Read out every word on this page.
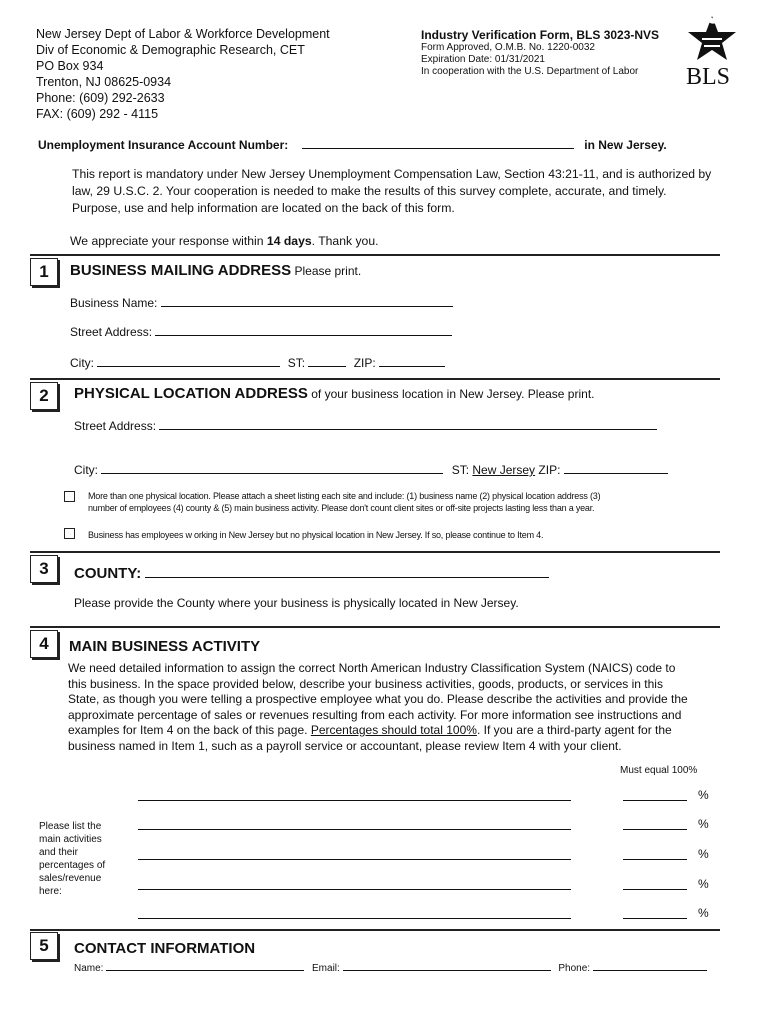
New Jersey Dept of Labor & Workforce Development
Div of Economic & Demographic Research, CET
PO Box 934
Trenton, NJ 08625-0934
Phone: (609) 292-2633
FAX: (609) 292 - 4115
Industry Verification Form, BLS 3023-NVS
Form Approved, O.M.B. No. 1220-0032
Expiration Date: 01/31/2021
In cooperation with the U.S. Department of Labor	BLS
Unemployment Insurance Account Number:	in New Jersey.
This report is mandatory under New Jersey Unemployment Compensation Law, Section 43:21-11, and is authorized by law, 29 U.S.C. 2. Your cooperation is needed to make the results of this survey complete, accurate, and timely. Purpose, use and help information are located on the back of this form.
We appreciate your response within 14 days. Thank you.
1	BUSINESS MAILING ADDRESS Please print.
Business Name:
Street Address:
City:	ST:	ZIP:
2	PHYSICAL LOCATION ADDRESS of your business location in New Jersey. Please print.
Street Address:
City:	ST: New Jersey ZIP:
More than one physical location. Please attach a sheet listing each site and include: (1) business name (2) physical location address (3)
number of employees (4) county & (5) main business activity. Please don't count client sites or off-site projects lasting less than a year.
Business has employees w orking in New Jersey but no physical location in New Jersey. If so, please continue to Item 4.
3	COUNTY:
Please provide the County where your business is physically located in New Jersey.
4	MAIN BUSINESS ACTIVITY
We need detailed information to assign the correct North American Industry Classification System (NAICS) code to this business. In the space provided below, describe your business activities, goods, products, or services in this State, as though you were telling a prospective employee what you do. Please describe the activities and provide the approximate percentage of sales or revenues resulting from each activity. For more information see instructions and examples for Item 4 on the back of this page. Percentages should total 100%. If you are a third-party agent for the business named in Item 1, such as a payroll service or accountant, please review Item 4 with your client.
Must equal 100%
Please list the main activities and their percentages of sales/revenue here:
%
%
%
%
%
5	CONTACT INFORMATION
Name:	Email:	Phone:
